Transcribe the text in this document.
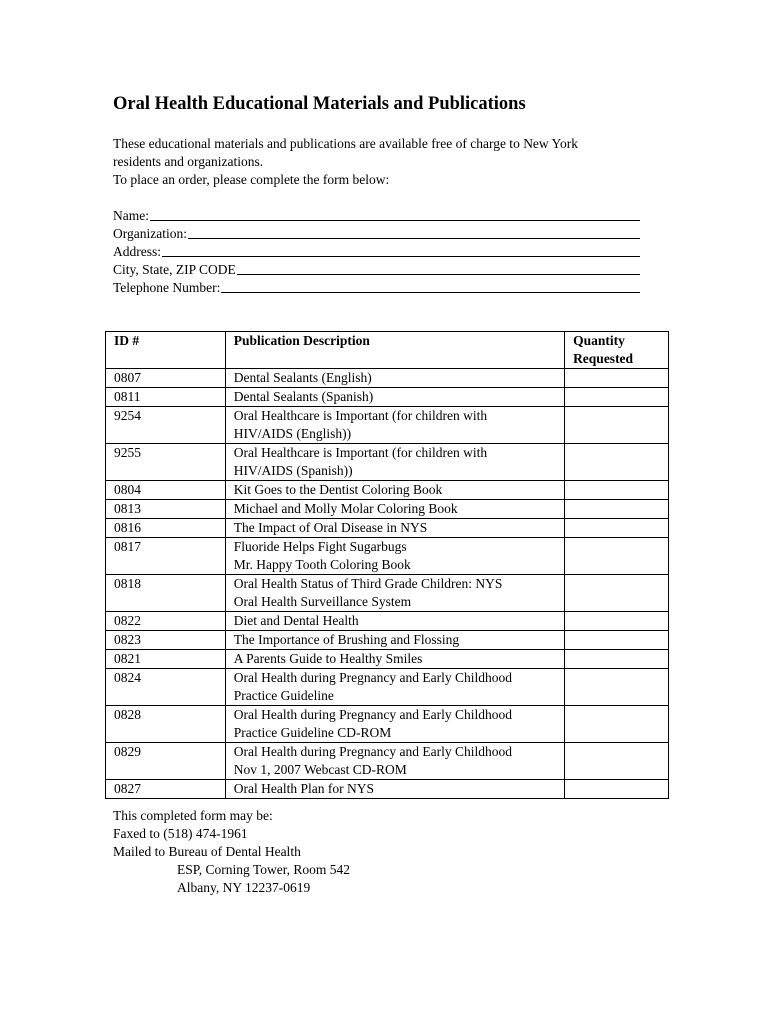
Oral Health Educational Materials and Publications

These educational materials and publications are available free of charge to New York

residents and organizations.

To place an order, please complete the form below:

Name:
Organization:
Address:
City, State, ZIP CODE
Telephone Number:
ID #	Publication Description	Quantity
Requested

0807	Dental Sealants (English)	

0811	Dental Sealants (Spanish)	

9254	Oral Healthcare is Important (for children with
HIV/AIDS (English))	

9255	Oral Healthcare is Important (for children with
HIV/AIDS (Spanish))	

0804	Kit Goes to the Dentist Coloring Book	

0813	Michael and Molly Molar Coloring Book	

0816	The Impact of Oral Disease in NYS	

0817	Fluoride Helps Fight Sugarbugs
Mr. Happy Tooth Coloring Book	

0818	Oral Health Status of Third Grade Children: NYS
Oral Health Surveillance System	

0822	Diet and Dental Health	

0823	The Importance of Brushing and Flossing	

0821	A Parents Guide to Healthy Smiles	

0824	Oral Health during Pregnancy and Early Childhood
Practice Guideline	

0828	Oral Health during Pregnancy and Early Childhood
Practice Guideline CD-ROM	

0829	Oral Health during Pregnancy and Early Childhood
Nov 1, 2007 Webcast CD-ROM	

0827	Oral Health Plan for NYS	

This completed form may be:

Faxed to (518) 474-1961

Mailed to Bureau of Dental Health

ESP, Corning Tower, Room 542

Albany, NY 12237-0619
